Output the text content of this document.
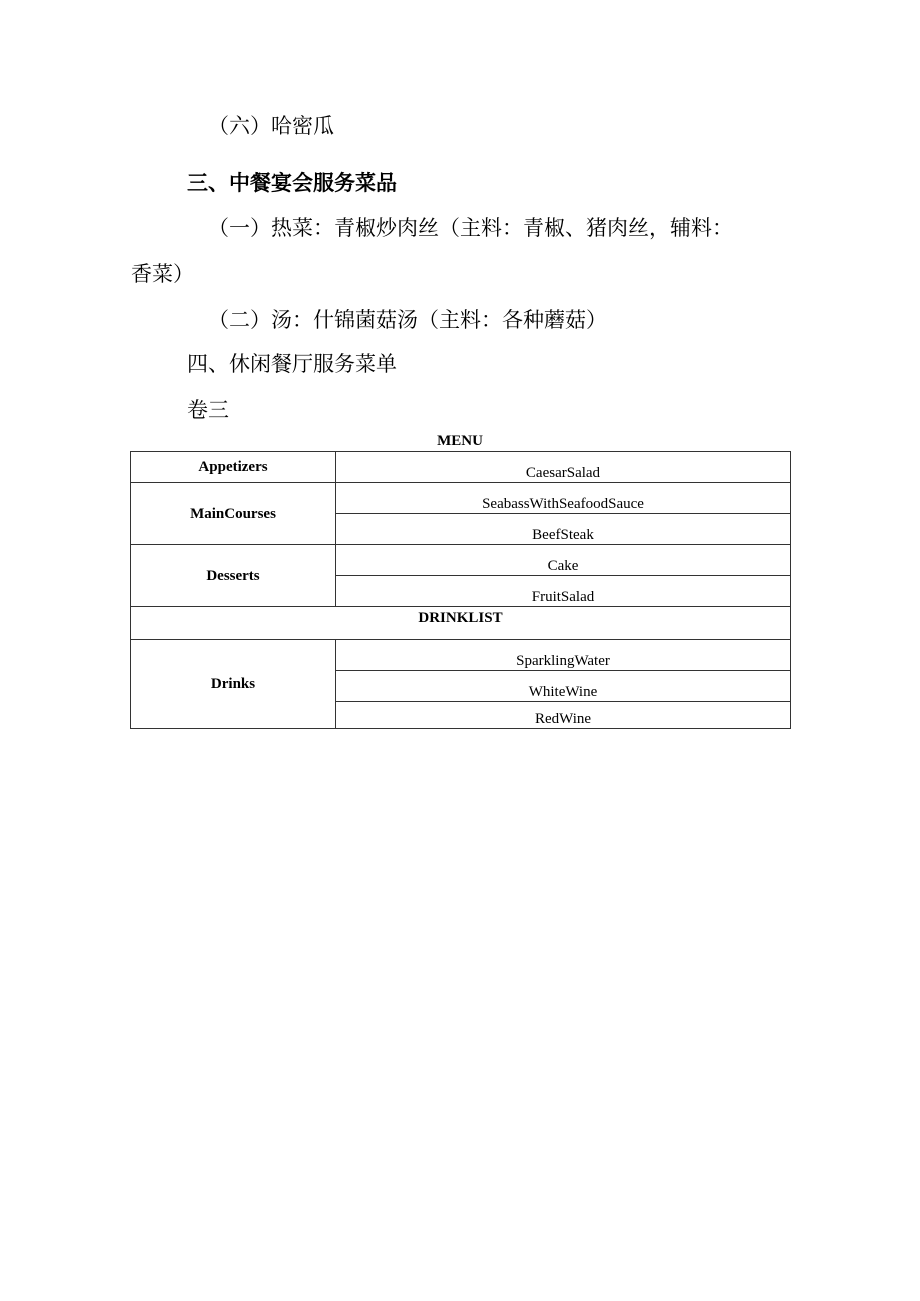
（六）哈密瓜
三、中餐宴会服务菜品
（一）热菜：青椒炒肉丝（主料：青椒、猪肉丝，辅料：
香菜）
（二）汤：什锦菌菇汤（主料：各种蘑菇）
四、休闲餐厅服务菜单
卷三
MENU
Appetizers	CaesarSalad
MainCourses	SeabassWithSeafoodSauce
	BeefSteak
Desserts	Cake
	FruitSalad
DRINKLIST	
Drinks	SparklingWater
	WhiteWine
	RedWine
